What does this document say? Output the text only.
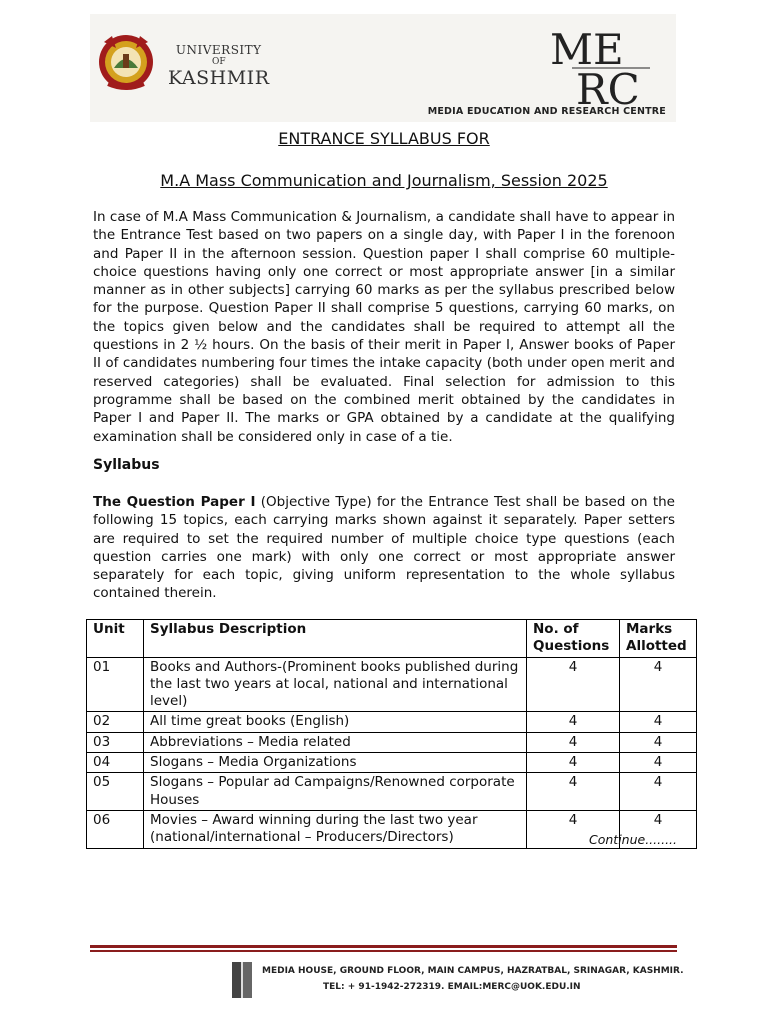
UNIVERSITY
OF
KASHMIR
ME
RC
MEDIA EDUCATION AND RESEARCH CENTRE
ENTRANCE SYLLABUS FOR
M.A Mass Communication and Journalism, Session 2025

In case of M.A Mass Communication & Journalism, a candidate shall have to appear in the Entrance Test based on two papers on a single day, with Paper I in the forenoon and Paper II in the afternoon session. Question paper I shall comprise 60 multiple-choice questions having only one correct or most appropriate answer [in a similar manner as in other subjects] carrying 60 marks as per the syllabus prescribed below for the purpose. Question Paper II shall comprise 5 questions, carrying 60 marks, on the topics given below and the candidates shall be required to attempt all the questions in 2 ½ hours. On the basis of their merit in Paper I, Answer books of Paper II of candidates numbering four times the intake capacity (both under open merit and reserved categories) shall be evaluated. Final selection for admission to this programme shall be based on the combined merit obtained by the candidates in Paper I and Paper II. The marks or GPA obtained by a candidate at the qualifying examination shall be considered only in case of a tie.

Syllabus

The Question Paper I (Objective Type) for the Entrance Test shall be based on the following 15 topics, each carrying marks shown against it separately. Paper setters are required to set the required number of multiple choice type questions (each question carries one mark) with only one correct or most appropriate answer separately for each topic, giving uniform representation to the whole syllabus contained therein.

Unit	Syllabus Description	No. of Questions	Marks Allotted
01	Books and Authors-(Prominent books published during the last two years at local, national and international level)	4	4
02	All time great books (English)	4	4
03	Abbreviations – Media related	4	4
04	Slogans – Media Organizations	4	4
05	Slogans – Popular ad Campaigns/Renowned corporate Houses	4	4
06	Movies – Award winning during the last two year (national/international – Producers/Directors)	4	4
Continue........
MEDIA HOUSE, GROUND FLOOR, MAIN CAMPUS, HAZRATBAL, SRINAGAR, KASHMIR.
TEL: + 91-1942-272319. EMAIL:MERC@UOK.EDU.IN
